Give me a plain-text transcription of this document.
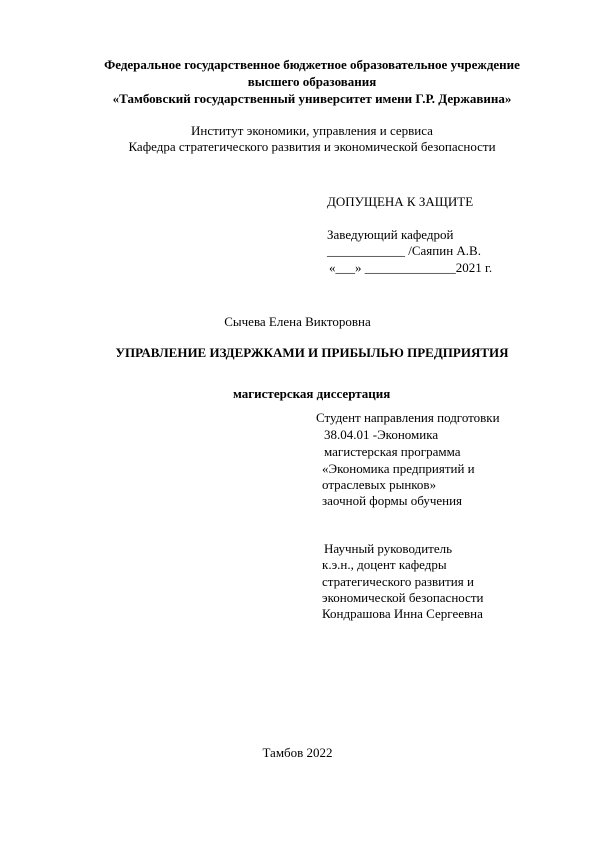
Федеральное государственное бюджетное образовательное учреждение
высшего образования
«Тамбовский государственный университет имени Г.Р. Державина»
Институт экономики, управления и сервиса
Кафедра стратегического развития и экономической безопасности
ДОПУЩЕНА К ЗАЩИТЕ
Заведующий кафедрой
____________ /Саяпин А.В.
«___» ______________2021 г.
Сычева Елена Викторовна
УПРАВЛЕНИЕ ИЗДЕРЖКАМИ И ПРИБЫЛЬЮ ПРЕДПРИЯТИЯ
магистерская диссертация
Студент направления подготовки
38.04.01 -Экономика
магистерская программа
«Экономика предприятий и
отраслевых рынков»
заочной формы обучения
Научный руководитель
к.э.н., доцент кафедры
стратегического развития и
экономической безопасности
Кондрашова Инна Сергеевна
Тамбов 2022
